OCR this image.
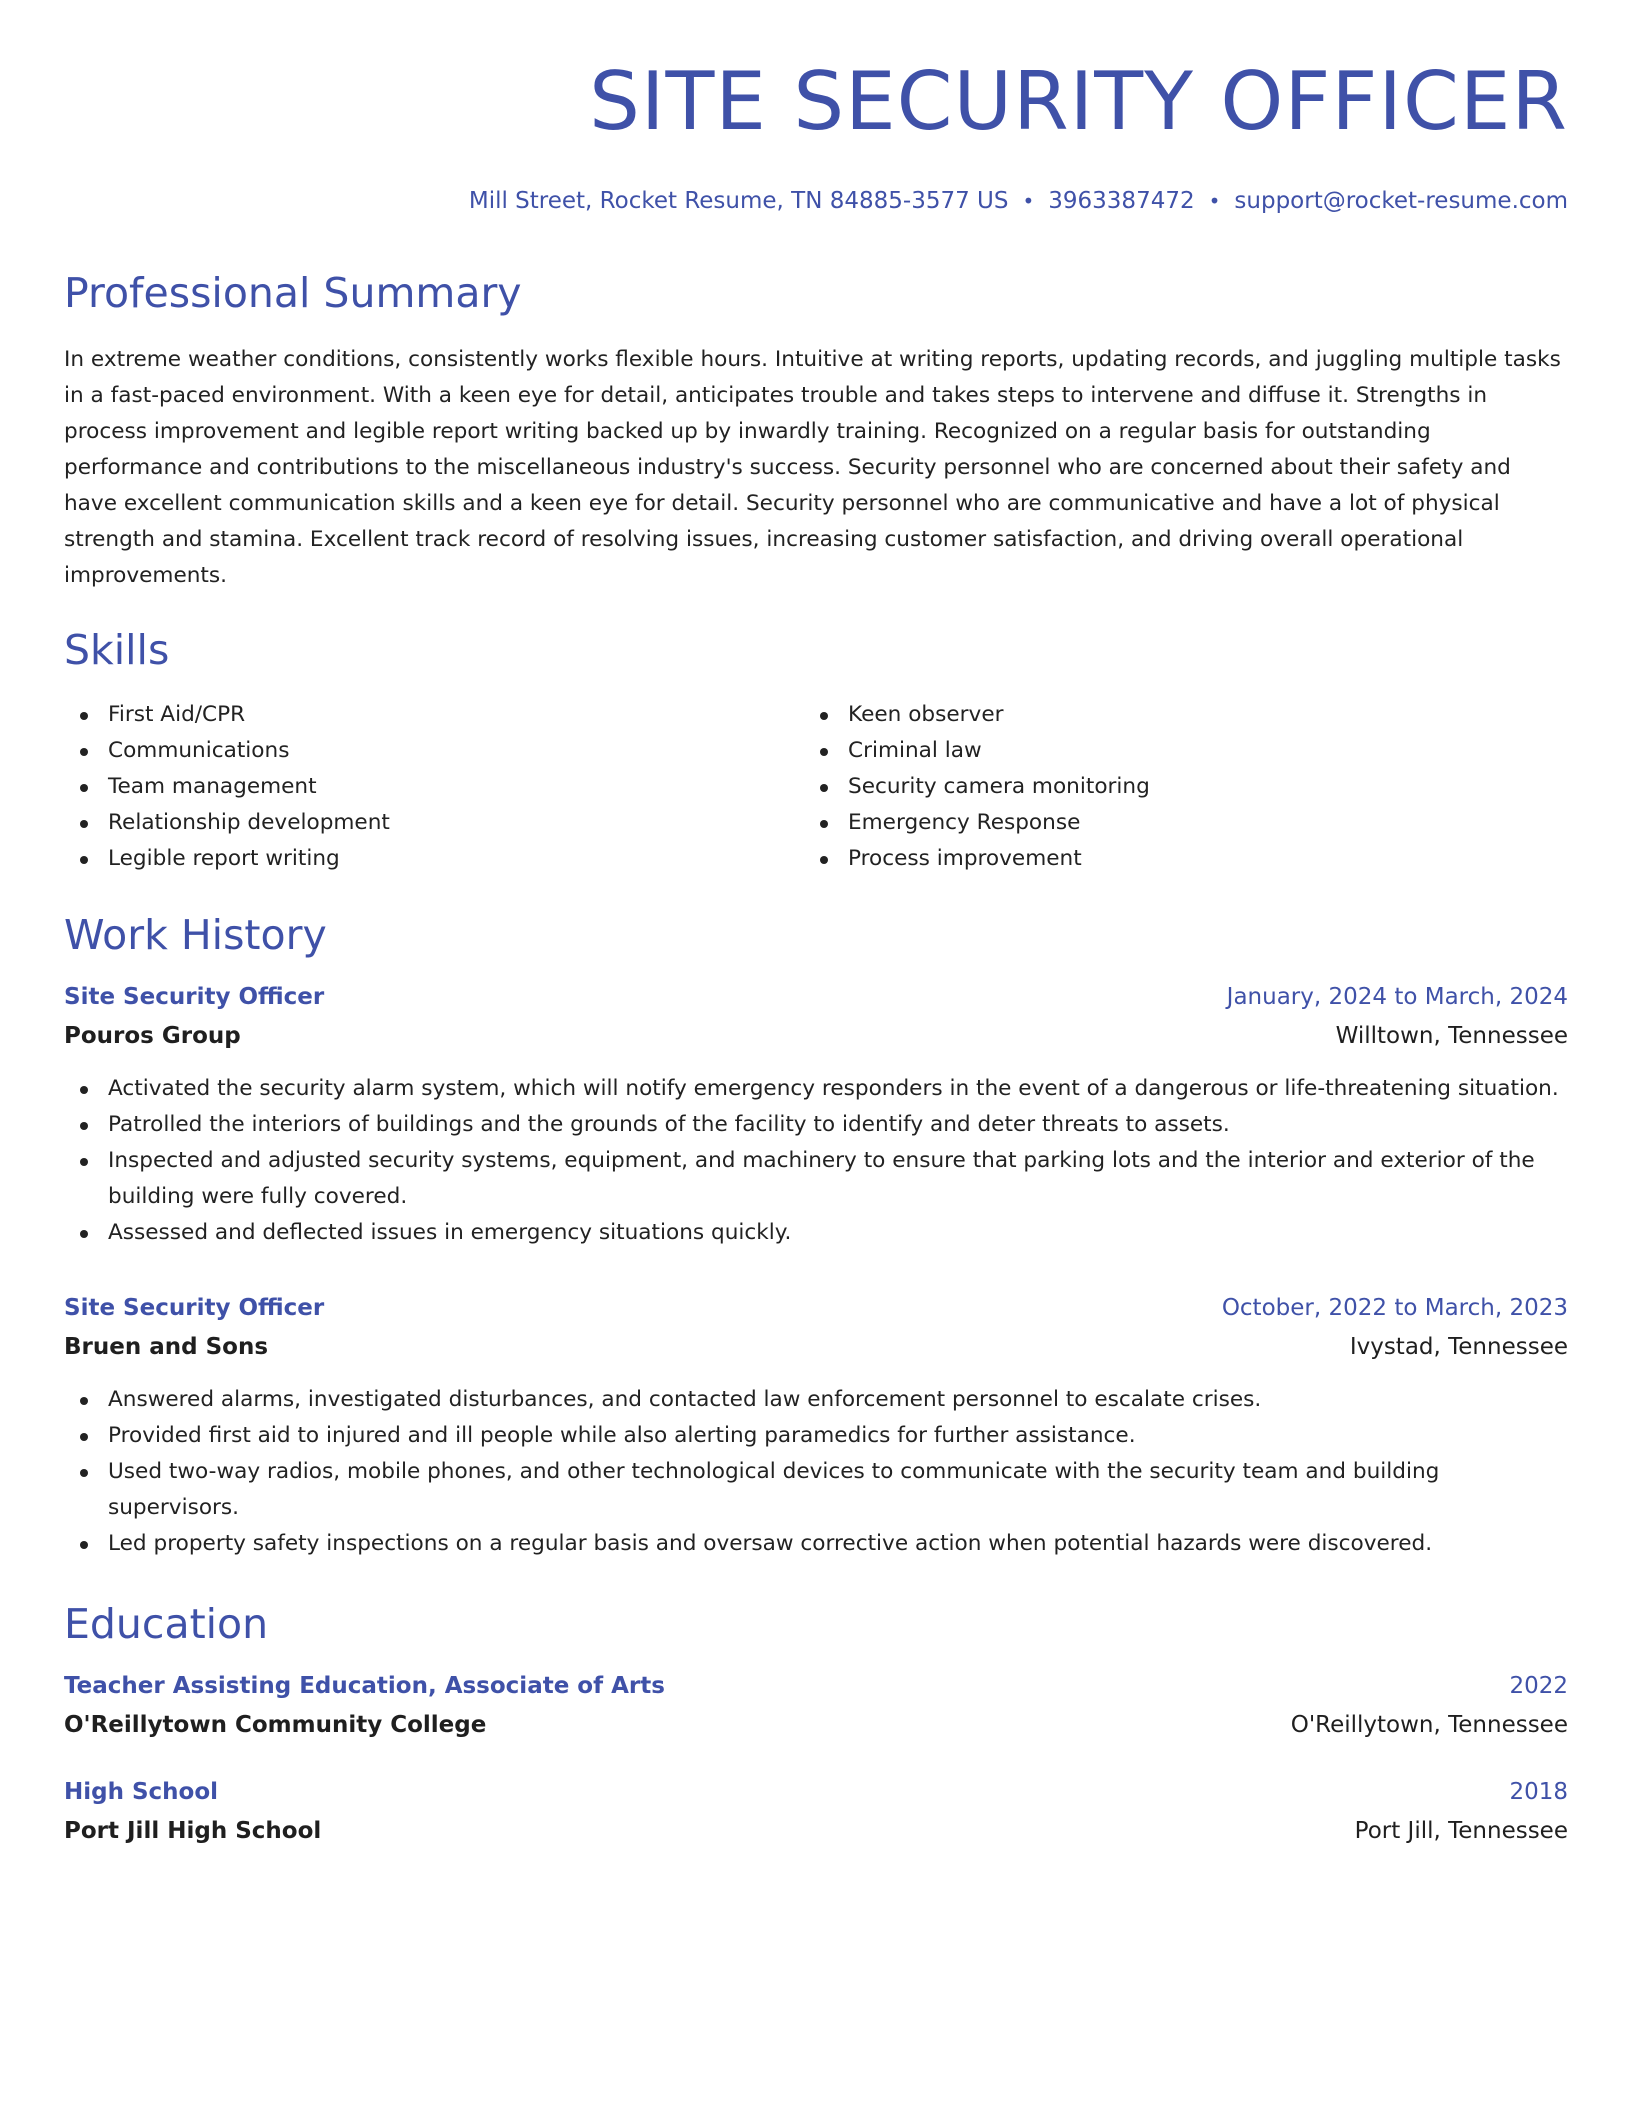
SITE SECURITY OFFICER
Mill Street, Rocket Resume, TN 84885-3577 US • 3963387472 • support@rocket-resume.com
Professional Summary
In extreme weather conditions, consistently works flexible hours. Intuitive at writing reports, updating records, and juggling multiple tasks in a fast-paced environment. With a keen eye for detail, anticipates trouble and takes steps to intervene and diffuse it. Strengths in process improvement and legible report writing backed up by inwardly training. Recognized on a regular basis for outstanding performance and contributions to the miscellaneous industry's success. Security personnel who are concerned about their safety and have excellent communication skills and a keen eye for detail. Security personnel who are communicative and have a lot of physical strength and stamina. Excellent track record of resolving issues, increasing customer satisfaction, and driving overall operational improvements.
Skills
First Aid/CPR
Communications
Team management
Relationship development
Legible report writing
Keen observer
Criminal law
Security camera monitoring
Emergency Response
Process improvement
Work History
Site Security Officer	January, 2024 to March, 2024
Pouros Group	Willtown, Tennessee
Activated the security alarm system, which will notify emergency responders in the event of a dangerous or life-threatening situation.
Patrolled the interiors of buildings and the grounds of the facility to identify and deter threats to assets.
Inspected and adjusted security systems, equipment, and machinery to ensure that parking lots and the interior and exterior of the building were fully covered.
Assessed and deflected issues in emergency situations quickly.
Site Security Officer	October, 2022 to March, 2023
Bruen and Sons	Ivystad, Tennessee
Answered alarms, investigated disturbances, and contacted law enforcement personnel to escalate crises.
Provided first aid to injured and ill people while also alerting paramedics for further assistance.
Used two-way radios, mobile phones, and other technological devices to communicate with the security team and building supervisors.
Led property safety inspections on a regular basis and oversaw corrective action when potential hazards were discovered.
Education
Teacher Assisting Education, Associate of Arts	2022
O'Reillytown Community College	O'Reillytown, Tennessee
High School	2018
Port Jill High School	Port Jill, Tennessee
